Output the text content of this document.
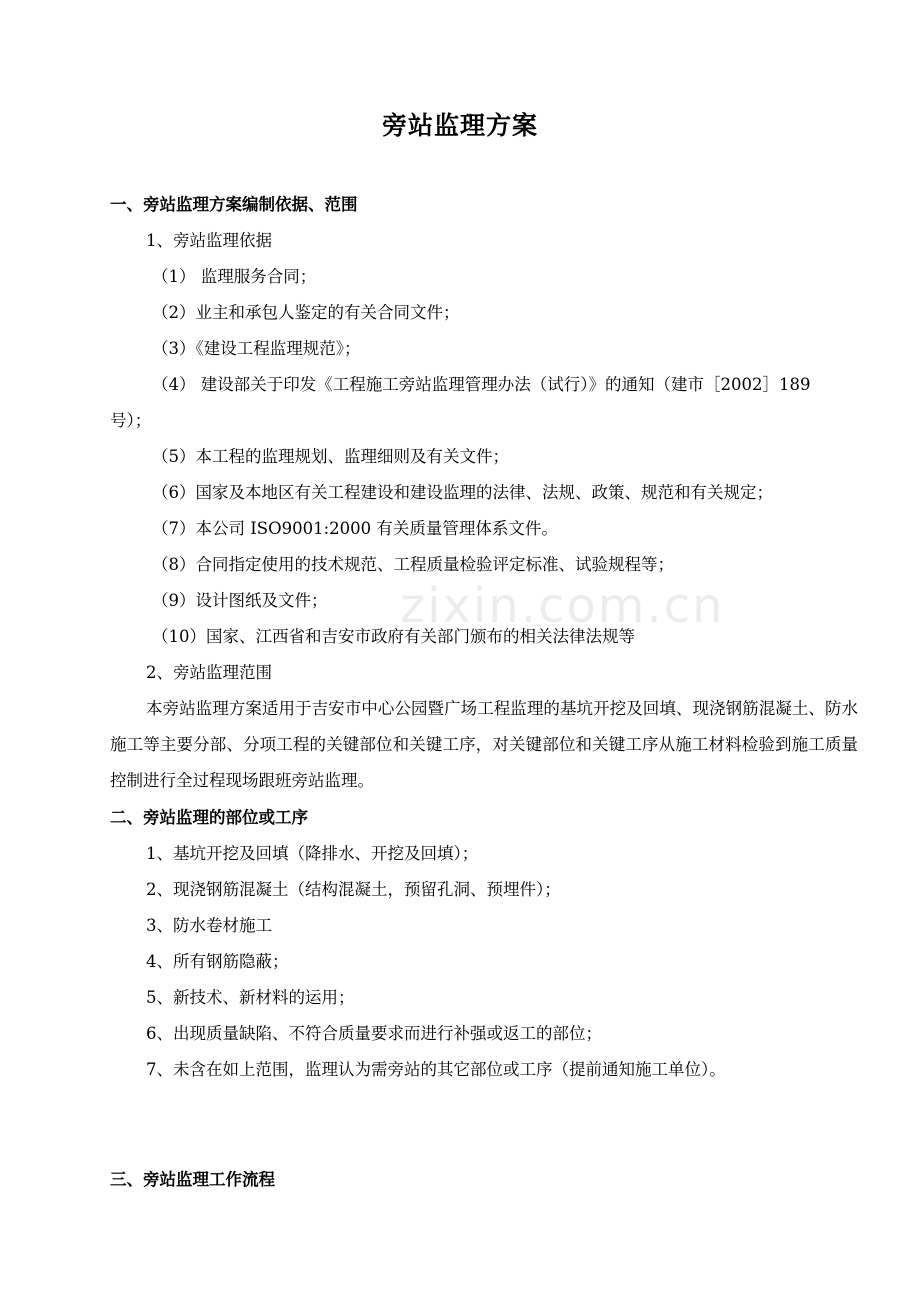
旁站监理方案
一、旁站监理方案编制依据、范围
1、旁站监理依据
（1） 监理服务合同；
（2）业主和承包人鉴定的有关合同文件；
（3）《建设工程监理规范》；
（4） 建设部关于印发《工程施工旁站监理管理办法（试行）》的通知（建市［2002］189
号）；
（5）本工程的监理规划、监理细则及有关文件；
（6）国家及本地区有关工程建设和建设监理的法律、法规、政策、规范和有关规定；
（7）本公司 ISO9001:2000 有关质量管理体系文件。
（8）合同指定使用的技术规范、工程质量检验评定标准、试验规程等；
（9）设计图纸及文件；
（10）国家、江西省和吉安市政府有关部门颁布的相关法律法规等
2、旁站监理范围
本旁站监理方案适用于吉安市中心公园暨广场工程监理的基坑开挖及回填、现浇钢筋混凝土、防水施工等主要分部、分项工程的关键部位和关键工序，对关键部位和关键工序从施工材料检验到施工质量控制进行全过程现场跟班旁站监理。
二、旁站监理的部位或工序
1、基坑开挖及回填（降排水、开挖及回填）；
2、现浇钢筋混凝土（结构混凝土，预留孔洞、预埋件）；
3、防水卷材施工
4、所有钢筋隐蔽；
5、新技术、新材料的运用；
6、出现质量缺陷、不符合质量要求而进行补强或返工的部位；
7、未含在如上范围，监理认为需旁站的其它部位或工序（提前通知施工单位）。
三、旁站监理工作流程
zixin.com.cn
